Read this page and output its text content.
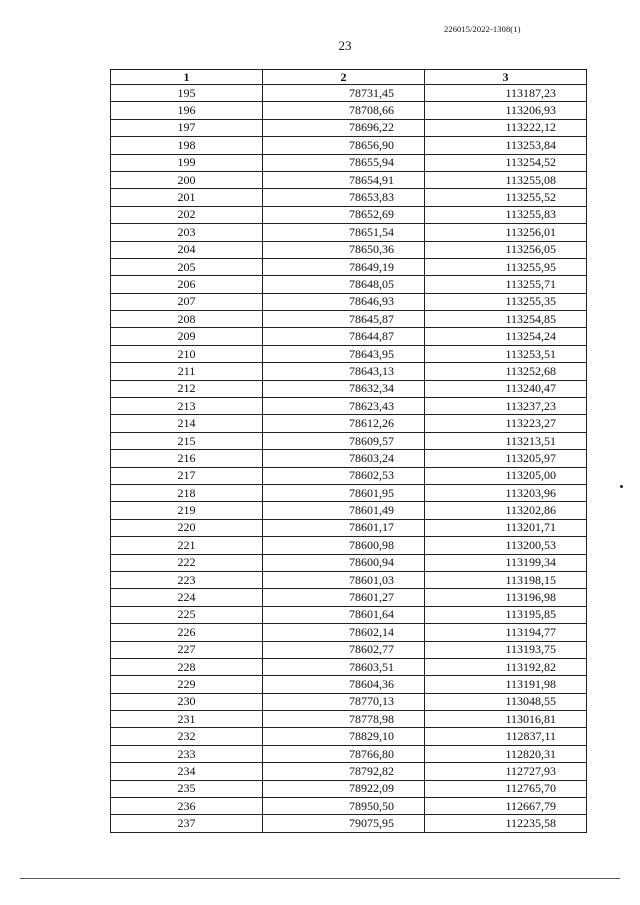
226015/2022-1308(1)
23
1	2	3
195	78731,45	113187,23
196	78708,66	113206,93
197	78696,22	113222,12
198	78656,90	113253,84
199	78655,94	113254,52
200	78654,91	113255,08
201	78653,83	113255,52
202	78652,69	113255,83
203	78651,54	113256,01
204	78650,36	113256,05
205	78649,19	113255,95
206	78648,05	113255,71
207	78646,93	113255,35
208	78645,87	113254,85
209	78644,87	113254,24
210	78643,95	113253,51
211	78643,13	113252,68
212	78632,34	113240,47
213	78623,43	113237,23
214	78612,26	113223,27
215	78609,57	113213,51
216	78603,24	113205,97
217	78602,53	113205,00
218	78601,95	113203,96
219	78601,49	113202,86
220	78601,17	113201,71
221	78600,98	113200,53
222	78600,94	113199,34
223	78601,03	113198,15
224	78601,27	113196,98
225	78601,64	113195,85
226	78602,14	113194,77
227	78602,77	113193,75
228	78603,51	113192,82
229	78604,36	113191,98
230	78770,13	113048,55
231	78778,98	113016,81
232	78829,10	112837,11
233	78766,80	112820,31
234	78792,82	112727,93
235	78922,09	112765,70
236	78950,50	112667,79
237	79075,95	112235,58
